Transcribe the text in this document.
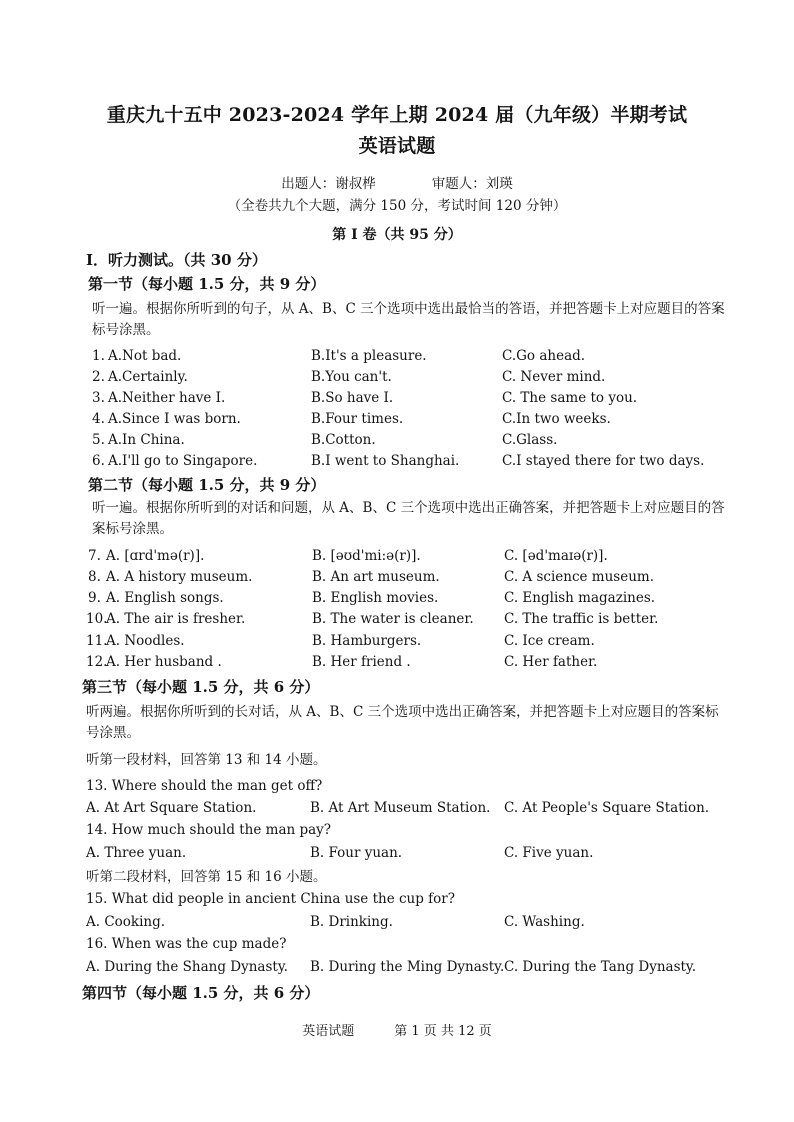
重庆九十五中 2023-2024 学年上期 2024 届（九年级）半期考试
英语试题
出题人：谢叔桦	审题人：刘瑛
（全卷共九个大题，满分 150 分，考试时间 120 分钟）
第 I 卷（共 95 分）
I．听力测试。（共 30 分）
第一节（每小题 1.5 分，共 9 分）
听一遍。根据你所听到的句子，从 A、B、C 三个选项中选出最恰当的答语，并把答题卡上对应题目的答案标号涂黑。
1. A.Not bad.	B.It's a pleasure.	C.Go ahead.
2. A.Certainly.	B.You can't.	C. Never mind.
3. A.Neither have I.	B.So have I.	C. The same to you.
4. A.Since I was born.	B.Four times.	C.In two weeks.
5. A.In China.	B.Cotton.	C.Glass.
6. A.I'll go to Singapore.	B.I went to Shanghai.	C.I stayed there for two days.
第二节（每小题 1.5 分，共 9 分）
听一遍。根据你所听到的对话和问题，从 A、B、C 三个选项中选出正确答案，并把答题卡上对应题目的答案标号涂黑。
7. A. [ɑrd'mə(r)].	B. [əʊd'mi:ə(r)].	C. [əd'maɪə(r)].
8. A. A history museum.	B. An art museum.	C. A science museum.
9. A. English songs.	B. English movies.	C. English magazines.
10.
A. The air is fresher.	B. The water is cleaner. C. The traffic is better.
11.
A. Noodles.	B. Hamburgers.	C. Ice cream.
12.
A. Her husband .	B. Her friend .	C. Her father.
第三节（每小题 1.5 分，共 6 分）
听两遍。根据你所听到的长对话，从 A、B、C 三个选项中选出正确答案，并把答题卡上对应题目的答案标号涂黑。
听第一段材料，回答第 13 和 14 小题。
13. Where should the man get off?
A. At Art Square Station.	B. At Art Museum Station. C. At People's Square Station.
14. How much should the man pay?
A. Three yuan.	B. Four yuan.	C. Five yuan.
听第二段材料，回答第 15 和 16 小题。
15. What did people in ancient China use the cup for?
A. Cooking.	B. Drinking.	C. Washing.
16. When was the cup made?
A. During the Shang Dynasty. B. During the Ming Dynasty. C. During the Tang Dynasty.
第四节（每小题 1.5 分，共 6 分）
英语试题	第 1 页 共 12 页
